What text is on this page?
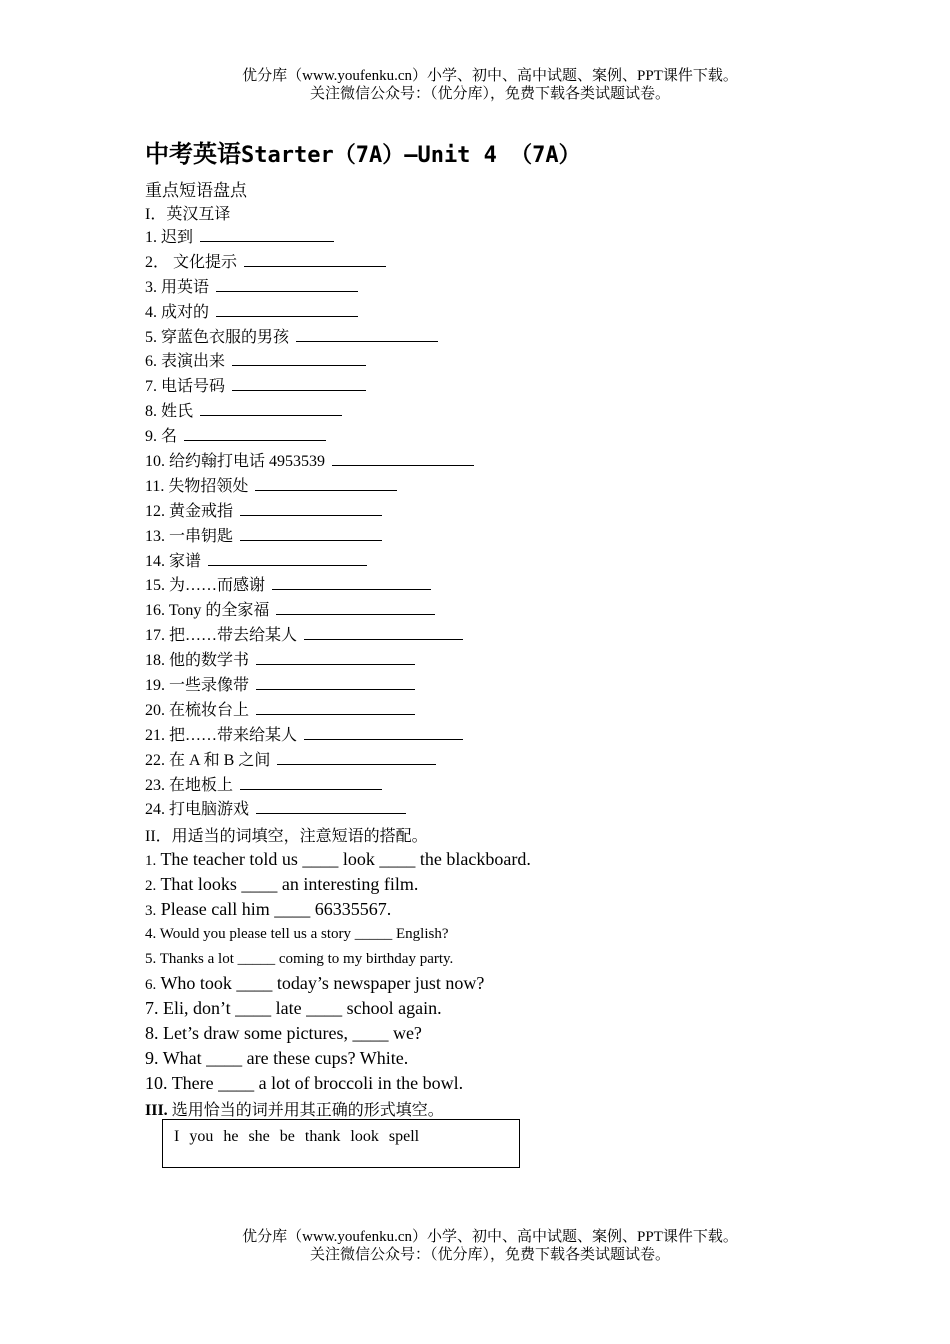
优分库（www.youfenku.cn）小学、初中、高中试题、案例、PPT课件下载。
关注微信公众号：（优分库），免费下载各类试题试卷。
中考英语Starter（7A）—Unit 4 （7A）
重点短语盘点
I．英汉互译
1. 迟到
2． 文化提示
3. 用英语
4. 成对的
5. 穿蓝色衣服的男孩
6. 表演出来
7. 电话号码
8. 姓氏
9. 名
10. 给约翰打电话 4953539
11. 失物招领处
12. 黄金戒指
13. 一串钥匙
14. 家谱
15. 为……而感谢
16. Tony 的全家福
17. 把……带去给某人
18. 他的数学书
19. 一些录像带
20. 在梳妆台上
21. 把……带来给某人
22. 在 A 和 B 之间
23. 在地板上
24. 打电脑游戏
II．用适当的词填空，注意短语的搭配。
1. The teacher told us ____ look ____ the blackboard.
2. That looks ____ an interesting film.
3. Please call him ____ 66335567.
4. Would you please tell us a story _____ English?
5. Thanks a lot _____ coming to my birthday party.
6. Who took ____ today’s newspaper just now?
7. Eli, don’t ____ late ____ school again.
8. Let’s draw some pictures, ____ we?
9. What ____ are these cups? White.
10. There ____ a lot of broccoli in the bowl.
III. 选用恰当的词并用其正确的形式填空。
I you he she be thank look spell
优分库（www.youfenku.cn）小学、初中、高中试题、案例、PPT课件下载。
关注微信公众号：（优分库），免费下载各类试题试卷。
